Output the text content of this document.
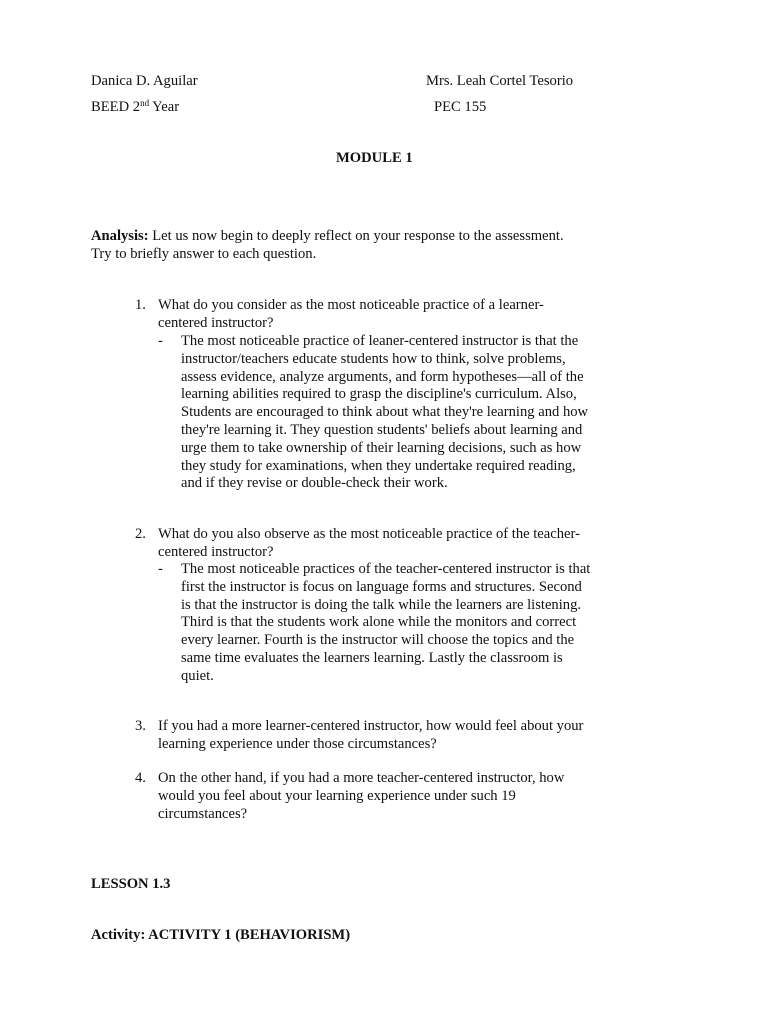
Danica D. Aguilar	Mrs. Leah Cortel Tesorio
BEED 2nd Year	PEC 155
MODULE 1
Analysis: Let us now begin to deeply reflect on your response to the assessment.
Try to briefly answer to each question.
1. What do you consider as the most noticeable practice of a learner-
centered instructor?
- The most noticeable practice of leaner-centered instructor is that the
instructor/teachers educate students how to think, solve problems,
assess evidence, analyze arguments, and form hypotheses—all of the
learning abilities required to grasp the discipline's curriculum. Also,
Students are encouraged to think about what they're learning and how
they're learning it. They question students' beliefs about learning and
urge them to take ownership of their learning decisions, such as how
they study for examinations, when they undertake required reading,
and if they revise or double-check their work.
2. What do you also observe as the most noticeable practice of the teacher-
centered instructor?
- The most noticeable practices of the teacher-centered instructor is that
first the instructor is focus on language forms and structures. Second
is that the instructor is doing the talk while the learners are listening.
Third is that the students work alone while the monitors and correct
every learner. Fourth is the instructor will choose the topics and the
same time evaluates the learners learning. Lastly the classroom is
quiet.
3. If you had a more learner-centered instructor, how would feel about your
learning experience under those circumstances?
4. On the other hand, if you had a more teacher-centered instructor, how
would you feel about your learning experience under such 19
circumstances?
LESSON 1.3
Activity: ACTIVITY 1 (BEHAVIORISM)
